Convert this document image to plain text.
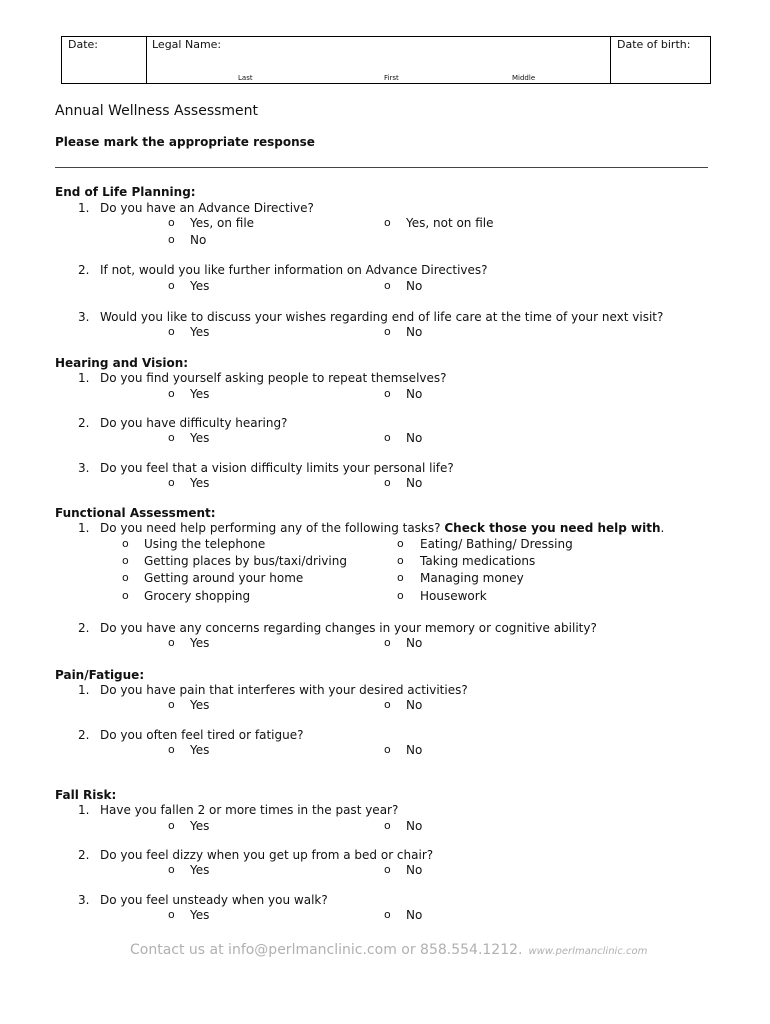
Date:	Legal Name:
Last	First	Middle
Date of birth:
Annual Wellness Assessment
Please mark the appropriate response
End of Life Planning:
1. Do you have an Advance Directive?
o Yes, on file	o Yes, not on file
o No
2. If not, would you like further information on Advance Directives?
o Yes	o No
3. Would you like to discuss your wishes regarding end of life care at the time of your next visit?
o Yes	o No
Hearing and Vision:
1. Do you find yourself asking people to repeat themselves?
o Yes	o No
2. Do you have difficulty hearing?
o Yes	o No
3. Do you feel that a vision difficulty limits your personal life?
o Yes	o No
Functional Assessment:
1. Do you need help performing any of the following tasks? Check those you need help with.
o Using the telephone	o Eating/ Bathing/ Dressing
o Getting places by bus/taxi/driving	o Taking medications
o Getting around your home	o Managing money
o Grocery shopping	o Housework
2. Do you have any concerns regarding changes in your memory or cognitive ability?
o Yes	o No
Pain/Fatigue:
1. Do you have pain that interferes with your desired activities?
o Yes	o No
2. Do you often feel tired or fatigue?
o Yes	o No
Fall Risk:
1. Have you fallen 2 or more times in the past year?
o Yes	o No
2. Do you feel dizzy when you get up from a bed or chair?
o Yes	o No
3. Do you feel unsteady when you walk?
o Yes	o No
Contact us at info@perlmanclinic.com or 858.554.1212. www.perlmanclinic.com
